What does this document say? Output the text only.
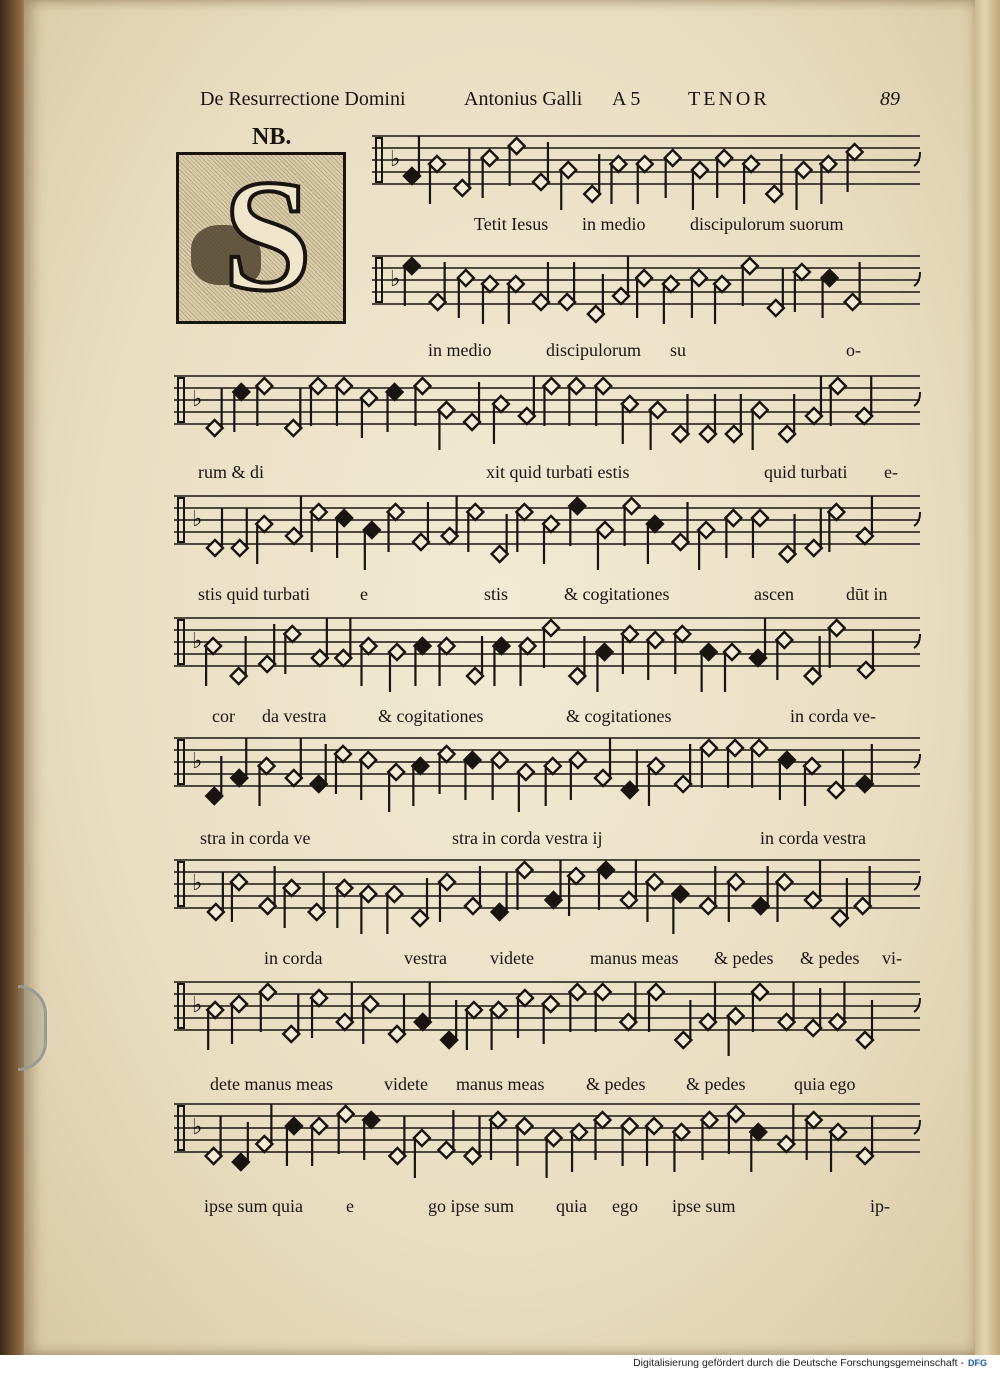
De Resurrectione Domini	Antonius Galli A 5 TENOR	89
NB.
S	♭
♭
♭
♭
♭
♭
♭
♭
♭
Tetit Iesus in medio discipulorum suorum
in medio	discipulorum su	o-
rum & di	xit quid turbati estis	quid turbati e-
stis quid turbati	e	stis	& cogitationes	ascen	dūt in
cor da vestra	& cogitationes	& cogitationes	in corda ve-
stra in corda ve	stra in corda vestra ij	in corda vestra
in corda	vestra videte	manus meas & pedes & pedes vi-
dete manus meas	videte manus meas & pedes & pedes	quia ego
ipse sum quia e	go ipse sum quia ego ipse sum	ip-
Digitalisierung gefördert durch die Deutsche Forschungsgemeinschaft - DFG
